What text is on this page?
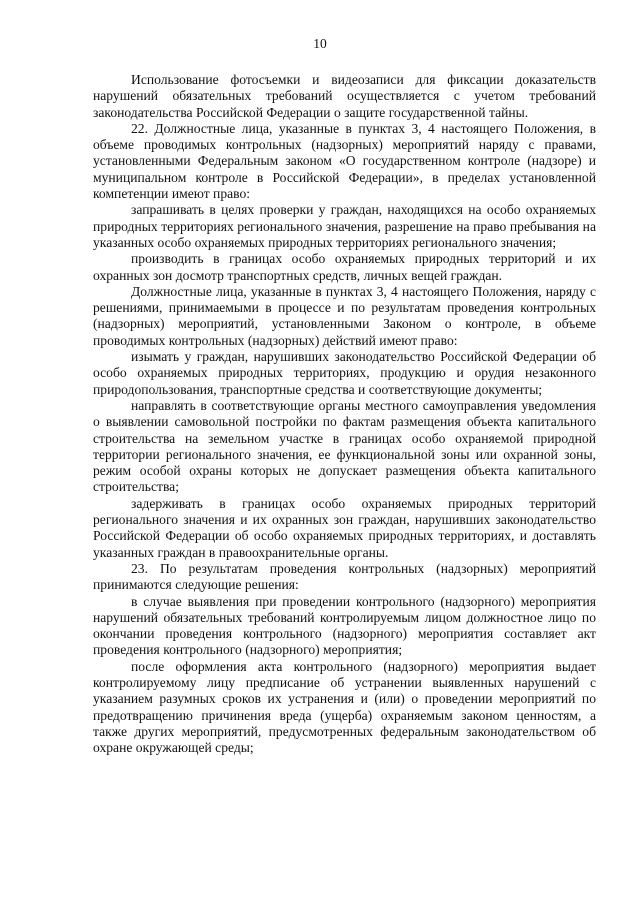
10

Использование фотосъемки и видеозаписи для фиксации доказательств нарушений обязательных требований осуществляется с учетом требований законодательства Российской Федерации о защите государственной тайны.

22. Должностные лица, указанные в пунктах 3, 4 настоящего Положения, в объеме проводимых контрольных (надзорных) мероприятий наряду с правами, установленными Федеральным законом «О государственном контроле (надзоре) и муниципальном контроле в Российской Федерации», в пределах установленной компетенции имеют право:

запрашивать в целях проверки у граждан, находящихся на особо охраняемых природных территориях регионального значения, разрешение на право пребывания на указанных особо охраняемых природных территориях регионального значения;

производить в границах особо охраняемых природных территорий и их охранных зон досмотр транспортных средств, личных вещей граждан.

Должностные лица, указанные в пунктах 3, 4 настоящего Положения, наряду с решениями, принимаемыми в процессе и по результатам проведения контрольных (надзорных) мероприятий, установленными Законом о контроле, в объеме проводимых контрольных (надзорных) действий имеют право:

изымать у граждан, нарушивших законодательство Российской Федерации об особо охраняемых природных территориях, продукцию и орудия незаконного природопользования, транспортные средства и соответствующие документы;

направлять в соответствующие органы местного самоуправления уведомления о выявлении самовольной постройки по фактам размещения объекта капитального строительства на земельном участке в границах особо охраняемой природной территории регионального значения, ее функциональной зоны или охранной зоны, режим особой охраны которых не допускает размещения объекта капитального строительства;

задерживать в границах особо охраняемых природных территорий регионального значения и их охранных зон граждан, нарушивших законодательство Российской Федерации об особо охраняемых природных территориях, и доставлять указанных граждан в правоохранительные органы.

23. По результатам проведения контрольных (надзорных) мероприятий принимаются следующие решения:

в случае выявления при проведении контрольного (надзорного) мероприятия нарушений обязательных требований контролируемым лицом должностное лицо по окончании проведения контрольного (надзорного) мероприятия составляет акт проведения контрольного (надзорного) мероприятия;

после оформления акта контрольного (надзорного) мероприятия выдает контролируемому лицу предписание об устранении выявленных нарушений с указанием разумных сроков их устранения и (или) о проведении мероприятий по предотвращению причинения вреда (ущерба) охраняемым законом ценностям, а также других мероприятий, предусмотренных федеральным законодательством об охране окружающей среды;
